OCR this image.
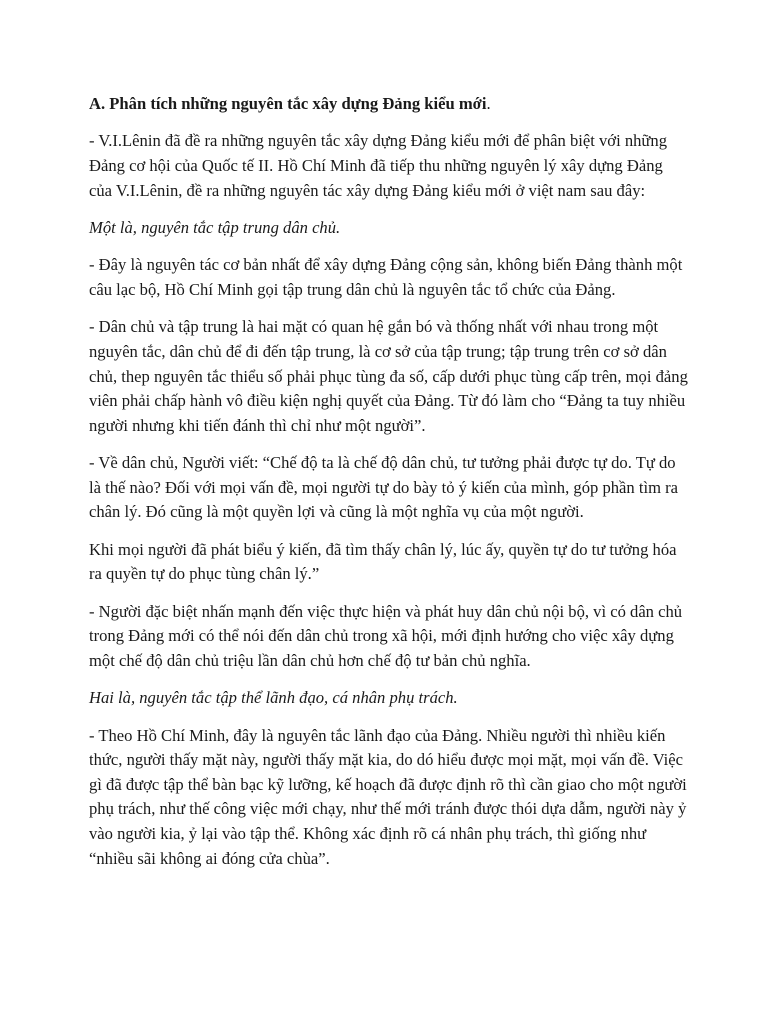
A. Phân tích những nguyên tắc xây dựng Đảng kiểu mới.

- V.I.Lênin đã đề ra những nguyên tắc xây dựng Đảng kiểu mới để phân biệt với những Đảng cơ hội của Quốc tế II. Hồ Chí Minh đã tiếp thu những nguyên lý xây dựng Đảng của V.I.Lênin, đề ra những nguyên tác xây dựng Đảng kiểu mới ở việt nam sau đây:

Một là, nguyên tắc tập trung dân chủ.

- Đây là nguyên tác cơ bản nhất để xây dựng Đảng cộng sản, không biến Đảng thành một câu lạc bộ, Hồ Chí Minh gọi tập trung dân chủ là nguyên tắc tổ chức của Đảng.

- Dân chủ và tập trung là hai mặt có quan hệ gắn bó và thống nhất với nhau trong một nguyên tắc, dân chủ để đi đến tập trung, là cơ sở của tập trung; tập trung trên cơ sở dân chủ, thep nguyên tắc thiểu số phải phục tùng đa số, cấp dưới phục tùng cấp trên, mọi đảng viên phải chấp hành vô điều kiện nghị quyết của Đảng. Từ đó làm cho “Đảng ta tuy nhiều người nhưng khi tiến đánh thì chỉ như một người”.

- Về dân chủ, Người viết: “Chế độ ta là chế độ dân chủ, tư tưởng phải được tự do. Tự do là thế nào? Đối với mọi vấn đề, mọi người tự do bày tỏ ý kiến của mình, góp phần tìm ra chân lý. Đó cũng là một quyền lợi và cũng là một nghĩa vụ của một người.

Khi mọi người đã phát biểu ý kiến, đã tìm thấy chân lý, lúc ấy, quyền tự do tư tưởng hóa ra quyền tự do phục tùng chân lý.”

- Người đặc biệt nhấn mạnh đến việc thực hiện và phát huy dân chủ nội bộ, vì có dân chủ trong Đảng mới có thể nói đến dân chủ trong xã hội, mới định hướng cho việc xây dựng một chế độ dân chủ triệu lần dân chủ hơn chế độ tư bản chủ nghĩa.

Hai là, nguyên tắc tập thể lãnh đạo, cá nhân phụ trách.

- Theo Hồ Chí Minh, đây là nguyên tắc lãnh đạo của Đảng. Nhiều người thì nhiều kiến thức, người thấy mặt này, người thấy mặt kia, do dó hiểu được mọi mặt, mọi vấn đề. Việc gì đã được tập thể bàn bạc kỹ lưỡng, kế hoạch đã được định rõ thì cần giao cho một người phụ trách, như thế công việc mới chạy, như thế mới tránh được thói dựa dẫm, người này ỷ vào người kia, ỷ lại vào tập thể. Không xác định rõ cá nhân phụ trách, thì giống như “nhiều sãi không ai đóng cửa chùa”.
